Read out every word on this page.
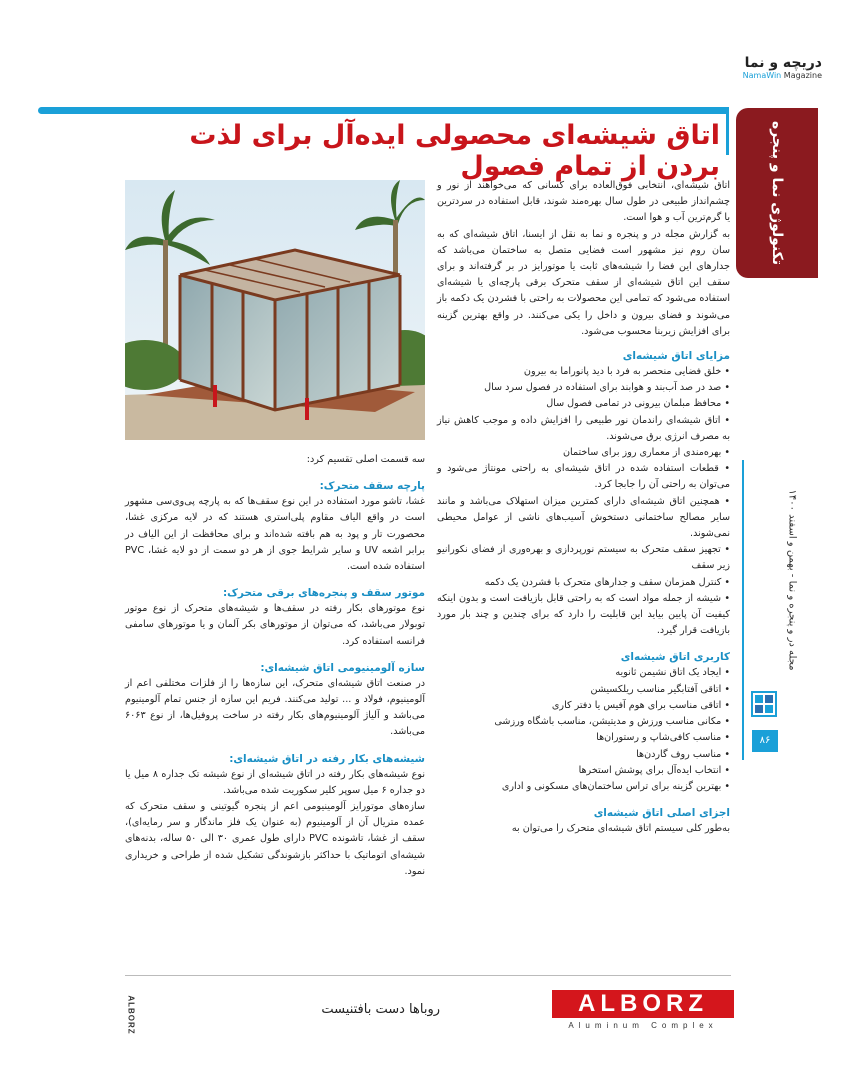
دریچه و نما
NamaWin Magazine
اتاق شیشه‌ای محصولی ایده‌آل برای لذت بردن از تمام فصول	تکنولوژی نما و پنجره
مجله در و پنجره و نما - بهمن و اسفند ۱۴۰۰
۸۶

اتاق شیشه‌ای، انتخابی فوق‌العاده برای کسانی که می‌خواهند از نور و چشم‌انداز طبیعی در طول سال بهره‌مند شوند، قابل استفاده در سردترین یا گرم‌ترین آب و هوا است.

به گزارش مجله در و پنجره و نما به نقل از ایسنا، اتاق شیشه‌ای که به سان روم نیز مشهور است فضایی متصل به ساختمان می‌باشد که جدارهای این فضا را شیشه‌های ثابت یا موتورایز در بر گرفته‌اند و برای سقف این اتاق شیشه‌ای از سقف متحرک برقی پارچه‌ای یا شیشه‌ای استفاده می‌شود که تمامی این محصولات به راحتی با فشردن یک دکمه باز می‌شوند و فضای بیرون و داخل را یکی می‌کنند. در واقع بهترین گزینه برای افزایش زیربنا محسوب می‌شود.

مزایای اتاق شیشه‌ای
• خلق فضایی منحصر به فرد با دید پانوراما به بیرون
• صد در صد آب‌بند و هوابند برای استفاده در فصول سرد سال
• محافظ مبلمان بیرونی در تمامی فصول سال
• اتاق شیشه‌ای راندمان نور طبیعی را افزایش داده و موجب کاهش نیاز به مصرف انرژی برق می‌شوند.
• بهره‌مندی از معماری روز برای ساختمان
• قطعات استفاده شده در اتاق شیشه‌ای به راحتی مونتاژ می‌شود و می‌توان به راحتی آن را جابجا کرد.
• همچنین اتاق شیشه‌ای دارای کمترین میزان استهلاک می‌باشد و مانند سایر مصالح ساختمانی دستخوش آسیب‌های ناشی از عوامل محیطی نمی‌شوند.
• تجهیز سقف متحرک به سیستم نورپردازی و بهره‌وری از فضای نکورانیو زیر سقف
• کنترل همزمان سقف و جدارهای متحرک با فشردن یک دکمه
• شیشه از جمله مواد است که به راحتی قابل بازیافت است و بدون اینکه کیفیت آن پایین بیاید این قابلیت را دارد که برای چندین و چند بار مورد بازیافت قرار گیرد.
کاربری اتاق شیشه‌ای
• ایجاد یک اتاق نشیمن ثانویه
• اتاقی آفتابگیر مناسب ریلکسیشن
• اتاقی مناسب برای هوم آفیس یا دفتر کاری
• مکانی مناسب ورزش و مدیتیشن، مناسب باشگاه ورزشی
• مناسب کافی‌شاپ و رستوران‌ها
• مناسب روف گاردن‌ها
• انتخاب ایده‌آل برای پوشش استخرها
• بهترین گزینه برای تراس ساختمان‌های مسکونی و اداری
اجزای اصلی اتاق شیشه‌ای

به‌طور کلی سیستم اتاق شیشه‌ای متحرک را می‌توان به

سه قسمت اصلی تقسیم کرد:

پارچه سقف متحرک:

غشا، تاشو مورد استفاده در این نوع سقف‌ها که به پارچه پی‌وی‌سی مشهور است در واقع الیاف مقاوم پلی‌استری هستند که در لایه مرکزی غشا، محصورت تار و پود به هم بافته شده‌اند و برای محافظت از این الیاف در برابر اشعه UV و سایر شرایط جوی از هر دو سمت از دو لایه غشا، PVC استفاده شده است.

موتور سقف و پنجره‌های برقی متحرک:

نوع موتورهای بکار رفته در سقف‌ها و شیشه‌های متحرک از نوع موتور توبولار می‌باشد، که می‌توان از موتورهای بکر آلمان و یا موتورهای سامفی فرانسه استفاده کرد.

سازه آلومینیومی اتاق شیشه‌ای:

در صنعت اتاق شیشه‌ای متحرک، این سازه‌ها را از فلزات مختلفی اعم از آلومینیوم، فولاد و ... تولید می‌کنند. فریم این سازه از جنس تمام آلومینیوم می‌باشد و آلیاژ آلومینیوم‌های بکار رفته در ساخت پروفیل‌ها، از نوع ۶۰۶۳ می‌باشد.

شیشه‌های بکار رفته در اتاق شیشه‌ای:

نوع شیشه‌های بکار رفته در اتاق شیشه‌ای از نوع شیشه تک جداره ۸ میل یا دو جداره ۶ میل سوپر کلیر سکوریت شده می‌باشد.

سازه‌های موتورایز آلومینیومی اعم از پنجره گیوتینی و سقف متحرک که عمده متریال آن از آلومینیوم (به عنوان یک فلز ماندگار و سر رمایه‌ای)، سقف از غشا، تاشونده PVC دارای طول عمری ۳۰ الی ۵۰ ساله، بدنه‌های شیشه‌ای اتوماتیک با حداکثر بازشوندگی تشکیل شده از طراحی و خریداری نمود.

ALBORZ	روباها دست بافتنیست	ALBORZ
Aluminum Complex
